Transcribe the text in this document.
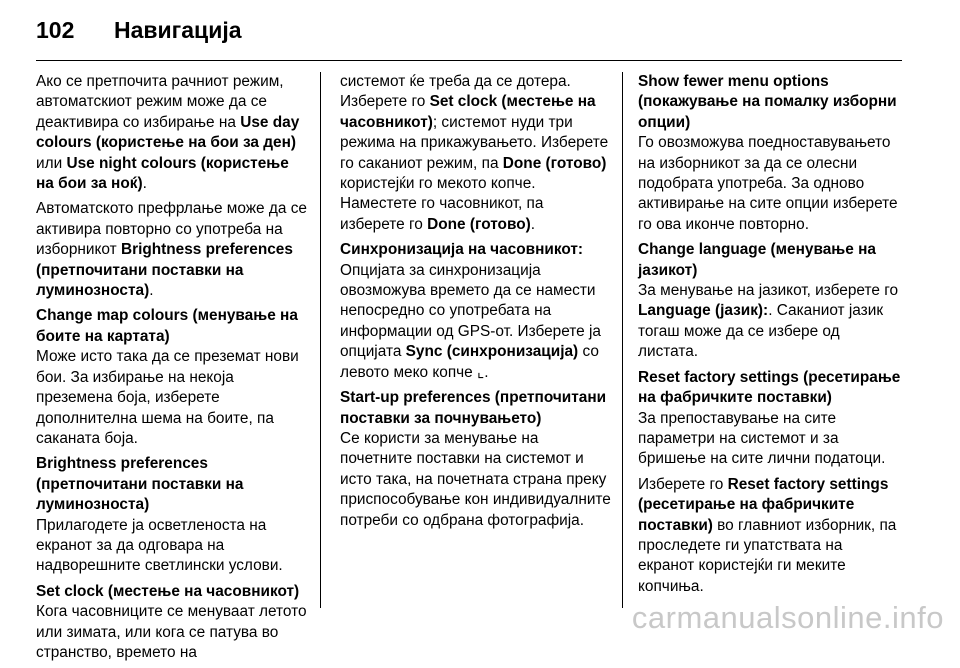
102 Навигација

Ако се претпочита рачниот режим, автоматскиот режим може да се деактивира со избирање на Use day colours (користење на бои за ден) или Use night colours (користење на бои за ноќ).

Автоматското префрлање може да се активира повторно со употреба на изборникот Brightness preferences (претпочитани поставки на луминозноста).

Change map colours (менување на боите на картата)

Може исто така да се преземат нови бои. За избирање на некоја преземена боја, изберете дополнителна шема на боите, па саканата боја.

Brightness preferences (претпочитани поставки на луминозноста)

Прилагодете ја осветленоста на екранот за да одговара на надворешните светлински услови.

Set clock (местење на часовникот)

Кога часовниците се менуваат летото или зимата, или кога се патува во странство, времето на

системот ќе треба да се дотера. Изберете го Set clock (местење на часовникот); системот нуди три режима на прикажувањето. Изберете го саканиот режим, па Done (готово) користејќи го мекото копче. Наместете го часовникот, па изберете го Done (готово).

Синхронизација на часовникот:

Опцијата за синхронизација овозможува времето да се намести непосредно со употребата на информации од GPS-от. Изберете ја опцијата Sync (синхронизација) со левото меко копче ⌞.

Start-up preferences (претпочитани поставки за почнувањето)

Се користи за менување на почетните поставки на системот и исто така, на почетната страна преку приспособување кон индивидуалните потреби со одбрана фотографија.

Show fewer menu options (покажување на помалку изборни опции)

Го овозможува поедноставувањето на изборникот за да се олесни подобрата употреба. За одново активирање на сите опции изберете го ова иконче повторно.

Change language (менување на јазикот)

За менување на јазикот, изберете го Language (јазик):. Саканиот јазик тогаш може да се избере од листата.

Reset factory settings (ресетирање на фабричките поставки)

За препоставување на сите параметри на системот и за бришење на сите лични податоци.

Изберете го Reset factory settings (ресетирање на фабричките поставки) во главниот изборник, па проследете ги упатствата на екранот користејќи ги меките копчиња.

carmanualsonline.info
